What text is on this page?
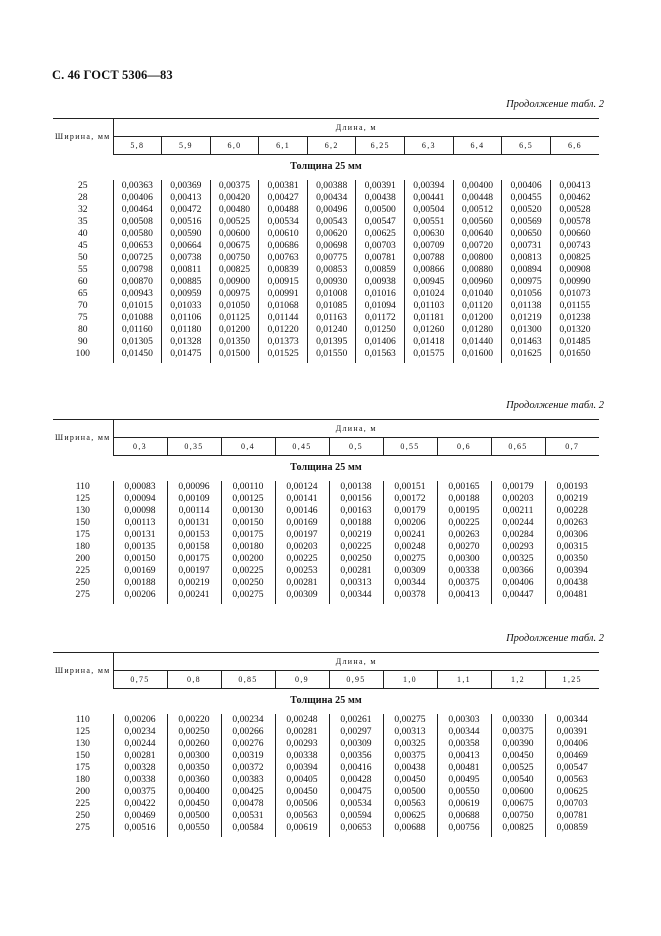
С. 46 ГОСТ 5306—83
Продолжение табл. 2
Ширина, мм	Длина, м									
	5,8	5,9	6,0	6,1	6,2	6,25	6,3	6,4	6,5	6,6
Толщина 25 мм										
25	0,00363	0,00369	0,00375	0,00381	0,00388	0,00391	0,00394	0,00400	0,00406	0,00413
28	0,00406	0,00413	0,00420	0,00427	0,00434	0,00438	0,00441	0,00448	0,00455	0,00462
32	0,00464	0,00472	0,00480	0,00488	0,00496	0,00500	0,00504	0,00512	0,00520	0,00528
35	0,00508	0,00516	0,00525	0,00534	0,00543	0,00547	0,00551	0,00560	0,00569	0,00578
40	0,00580	0,00590	0,00600	0,00610	0,00620	0,00625	0,00630	0,00640	0,00650	0,00660
45	0,00653	0,00664	0,00675	0,00686	0,00698	0,00703	0,00709	0,00720	0,00731	0,00743
50	0,00725	0,00738	0,00750	0,00763	0,00775	0,00781	0,00788	0,00800	0,00813	0,00825
55	0,00798	0,00811	0,00825	0,00839	0,00853	0,00859	0,00866	0,00880	0,00894	0,00908
60	0,00870	0,00885	0,00900	0,00915	0,00930	0,00938	0,00945	0,00960	0,00975	0,00990
65	0,00943	0,00959	0,00975	0,00991	0,01008	0,01016	0,01024	0,01040	0,01056	0,01073
70	0,01015	0,01033	0,01050	0,01068	0,01085	0,01094	0,01103	0,01120	0,01138	0,01155
75	0,01088	0,01106	0,01125	0,01144	0,01163	0,01172	0,01181	0,01200	0,01219	0,01238
80	0,01160	0,01180	0,01200	0,01220	0,01240	0,01250	0,01260	0,01280	0,01300	0,01320
90	0,01305	0,01328	0,01350	0,01373	0,01395	0,01406	0,01418	0,01440	0,01463	0,01485
100	0,01450	0,01475	0,01500	0,01525	0,01550	0,01563	0,01575	0,01600	0,01625	0,01650
Продолжение табл. 2
Ширина, мм	Длина, м								
	0,3	0,35	0,4	0,45	0,5	0,55	0,6	0,65	0,7
Толщина 25 мм									
110	0,00083	0,00096	0,00110	0,00124	0,00138	0,00151	0,00165	0,00179	0,00193
125	0,00094	0,00109	0,00125	0,00141	0,00156	0,00172	0,00188	0,00203	0,00219
130	0,00098	0,00114	0,00130	0,00146	0,00163	0,00179	0,00195	0,00211	0,00228
150	0,00113	0,00131	0,00150	0,00169	0,00188	0,00206	0,00225	0,00244	0,00263
175	0,00131	0,00153	0,00175	0,00197	0,00219	0,00241	0,00263	0,00284	0,00306
180	0,00135	0,00158	0,00180	0,00203	0,00225	0,00248	0,00270	0,00293	0,00315
200	0,00150	0,00175	0,00200	0,00225	0,00250	0,00275	0,00300	0,00325	0,00350
225	0,00169	0,00197	0,00225	0,00253	0,00281	0,00309	0,00338	0,00366	0,00394
250	0,00188	0,00219	0,00250	0,00281	0,00313	0,00344	0,00375	0,00406	0,00438
275	0,00206	0,00241	0,00275	0,00309	0,00344	0,00378	0,00413	0,00447	0,00481
Продолжение табл. 2
Ширина, мм	Длина, м								
	0,75	0,8	0,85	0,9	0,95	1,0	1,1	1,2	1,25
Толщина 25 мм									
110	0,00206	0,00220	0,00234	0,00248	0,00261	0,00275	0,00303	0,00330	0,00344
125	0,00234	0,00250	0,00266	0,00281	0,00297	0,00313	0,00344	0,00375	0,00391
130	0,00244	0,00260	0,00276	0,00293	0,00309	0,00325	0,00358	0,00390	0,00406
150	0,00281	0,00300	0,00319	0,00338	0,00356	0,00375	0,00413	0,00450	0,00469
175	0,00328	0,00350	0,00372	0,00394	0,00416	0,00438	0,00481	0,00525	0,00547
180	0,00338	0,00360	0,00383	0,00405	0,00428	0,00450	0,00495	0,00540	0,00563
200	0,00375	0,00400	0,00425	0,00450	0,00475	0,00500	0,00550	0,00600	0,00625
225	0,00422	0,00450	0,00478	0,00506	0,00534	0,00563	0,00619	0,00675	0,00703
250	0,00469	0,00500	0,00531	0,00563	0,00594	0,00625	0,00688	0,00750	0,00781
275	0,00516	0,00550	0,00584	0,00619	0,00653	0,00688	0,00756	0,00825	0,00859
